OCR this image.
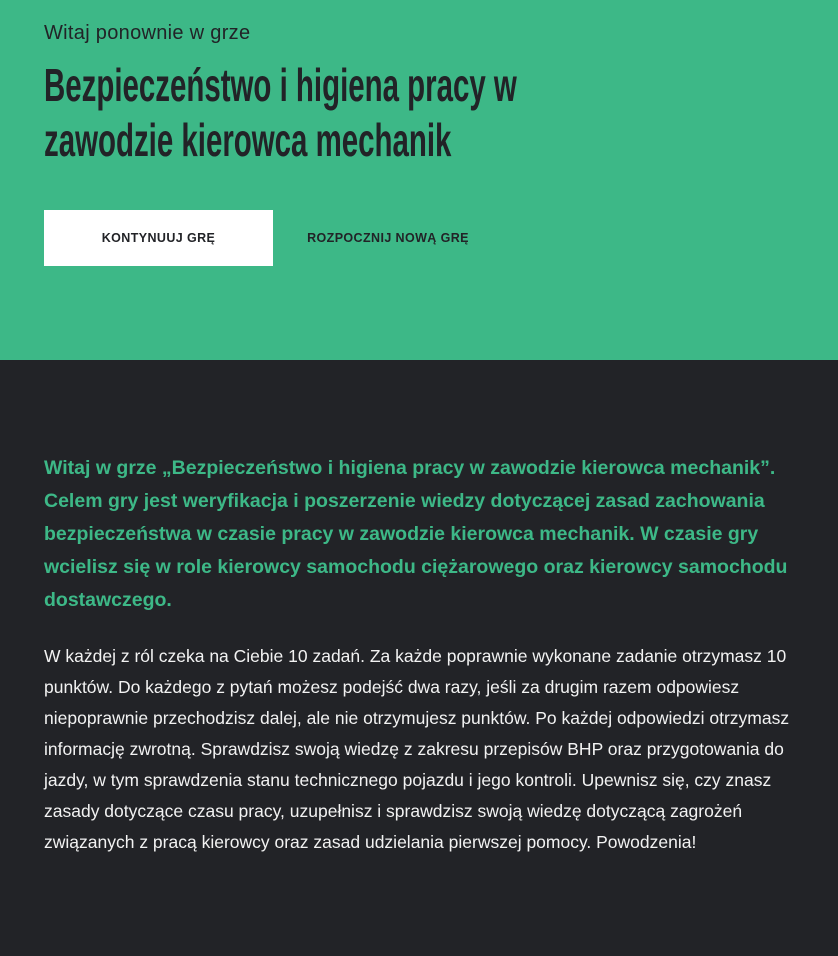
Witaj ponownie w grze
Bezpieczeństwo i higiena pracy w
zawodzie kierowca mechanik
KONTYNUUJ GRĘ	ROZPOCZNIJ NOWĄ GRĘ

Witaj w grze „Bezpieczeństwo i higiena pracy w zawodzie kierowca mechanik”. Celem gry jest weryfikacja i poszerzenie wiedzy dotyczącej zasad zachowania bezpieczeństwa w czasie pracy w zawodzie kierowca mechanik. W czasie gry wcielisz się w role kierowcy samochodu ciężarowego oraz kierowcy samochodu dostawczego.

W każdej z ról czeka na Ciebie 10 zadań. Za każde poprawnie wykonane zadanie otrzymasz 10 punktów. Do każdego z pytań możesz podejść dwa razy, jeśli za drugim razem odpowiesz niepoprawnie przechodzisz dalej, ale nie otrzymujesz punktów. Po każdej odpowiedzi otrzymasz informację zwrotną. Sprawdzisz swoją wiedzę z zakresu przepisów BHP oraz przygotowania do jazdy, w tym sprawdzenia stanu technicznego pojazdu i jego kontroli. Upewnisz się, czy znasz zasady dotyczące czasu pracy, uzupełnisz i sprawdzisz swoją wiedzę dotyczącą zagrożeń związanych z pracą kierowcy oraz zasad udzielania pierwszej pomocy. Powodzenia!
